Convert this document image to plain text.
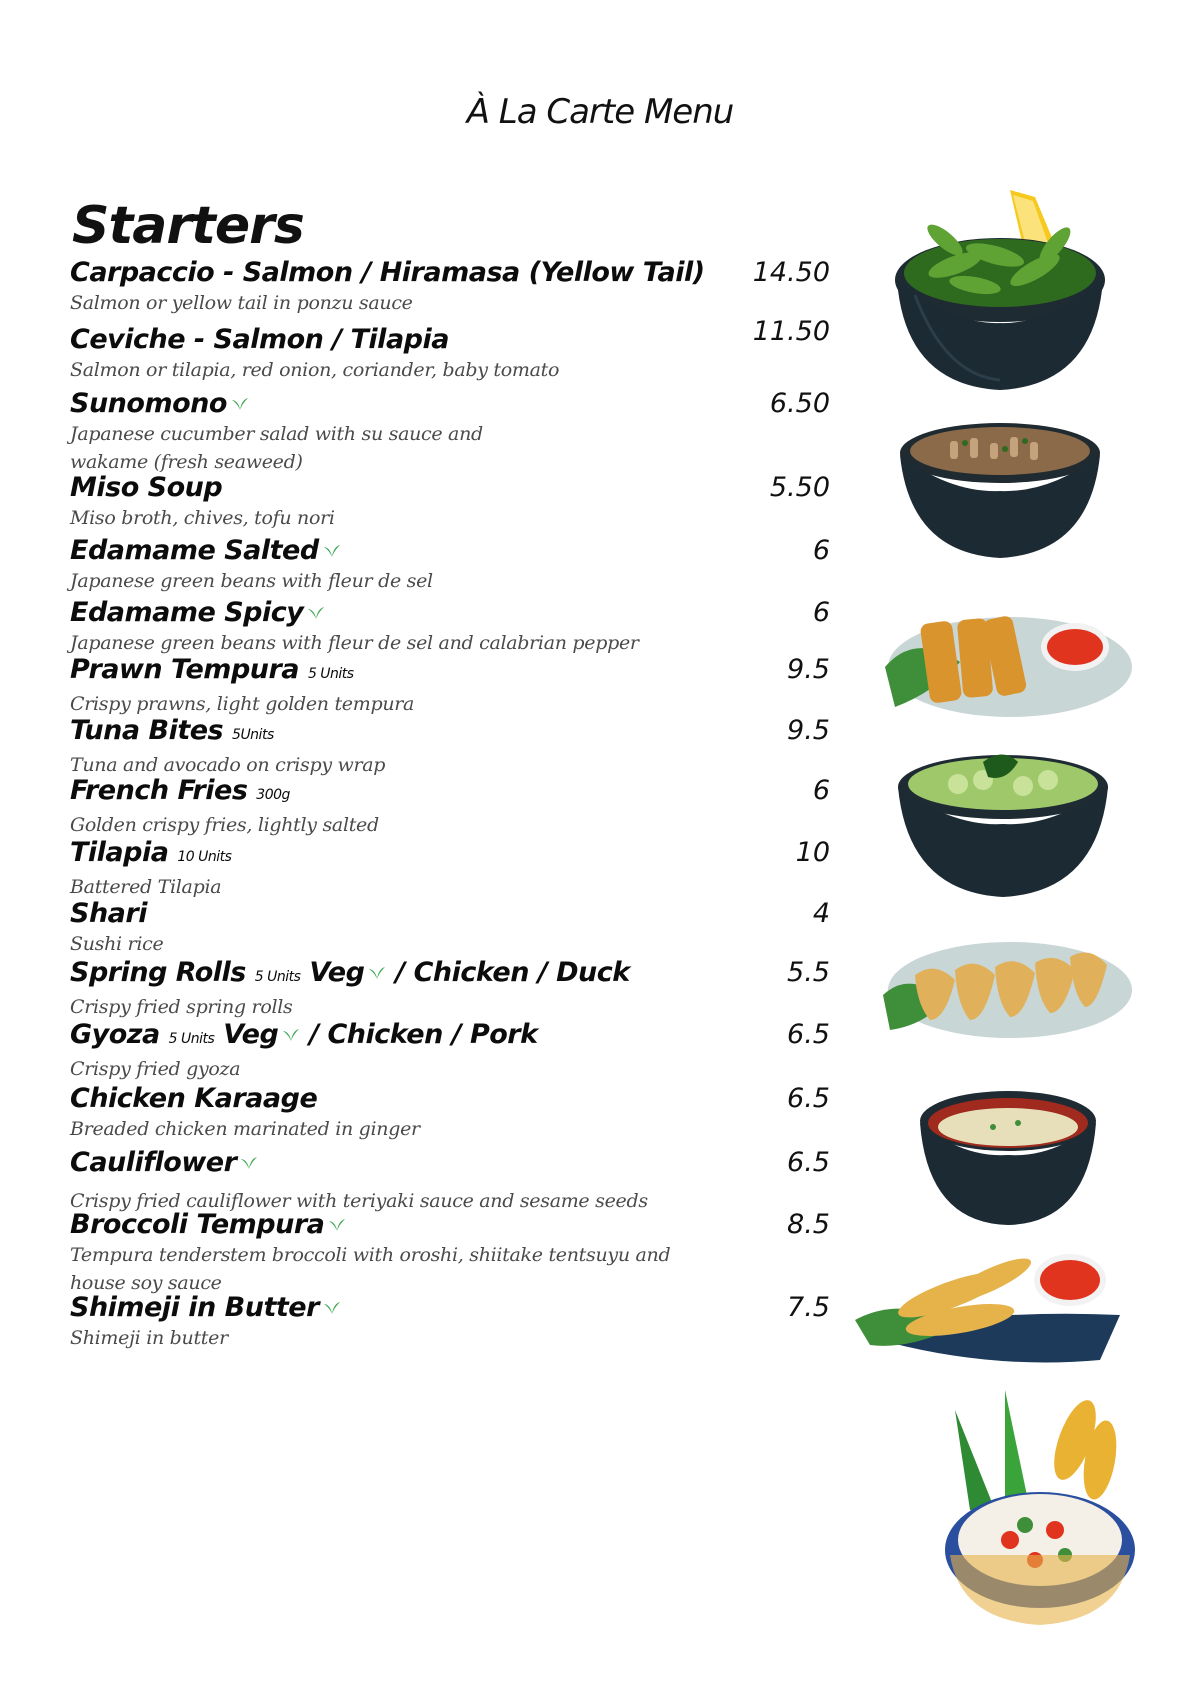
À La Carte Menu
Starters
Carpaccio - Salmon / Hiramasa (Yellow Tail)
Salmon or yellow tail in ponzu sauce
14.50
Ceviche - Salmon / Tilapia
Salmon or tilapia, red onion, coriander, baby tomato
11.50
Sunomono
Japanese cucumber salad with su sauce and wakame (fresh seaweed)
6.50
Miso Soup
Miso broth, chives, tofu nori
5.50
Edamame Salted
Japanese green beans with fleur de sel
6
Edamame Spicy
Japanese green beans with fleur de sel and calabrian pepper
6
Prawn Tempura 5 Units
Crispy prawns, light golden tempura
9.5
Tuna Bites 5Units
Tuna and avocado on crispy wrap
9.5
French Fries 300g
Golden crispy fries, lightly salted
6
Tilapia 10 Units
Battered Tilapia
10
Shari
Sushi rice
4
Spring Rolls 5 Units Veg / Chicken / Duck
Crispy fried spring rolls
5.5
Gyoza 5 Units Veg / Chicken / Pork
Crispy fried gyoza
6.5
Chicken Karaage
Breaded chicken marinated in ginger
6.5
Cauliflower
Crispy fried cauliflower with teriyaki sauce and sesame seeds
6.5
Broccoli Tempura
Tempura tenderstem broccoli with oroshi, shiitake tentsuyu and house soy sauce
8.5
Shimeji in Butter
Shimeji in butter
7.5
